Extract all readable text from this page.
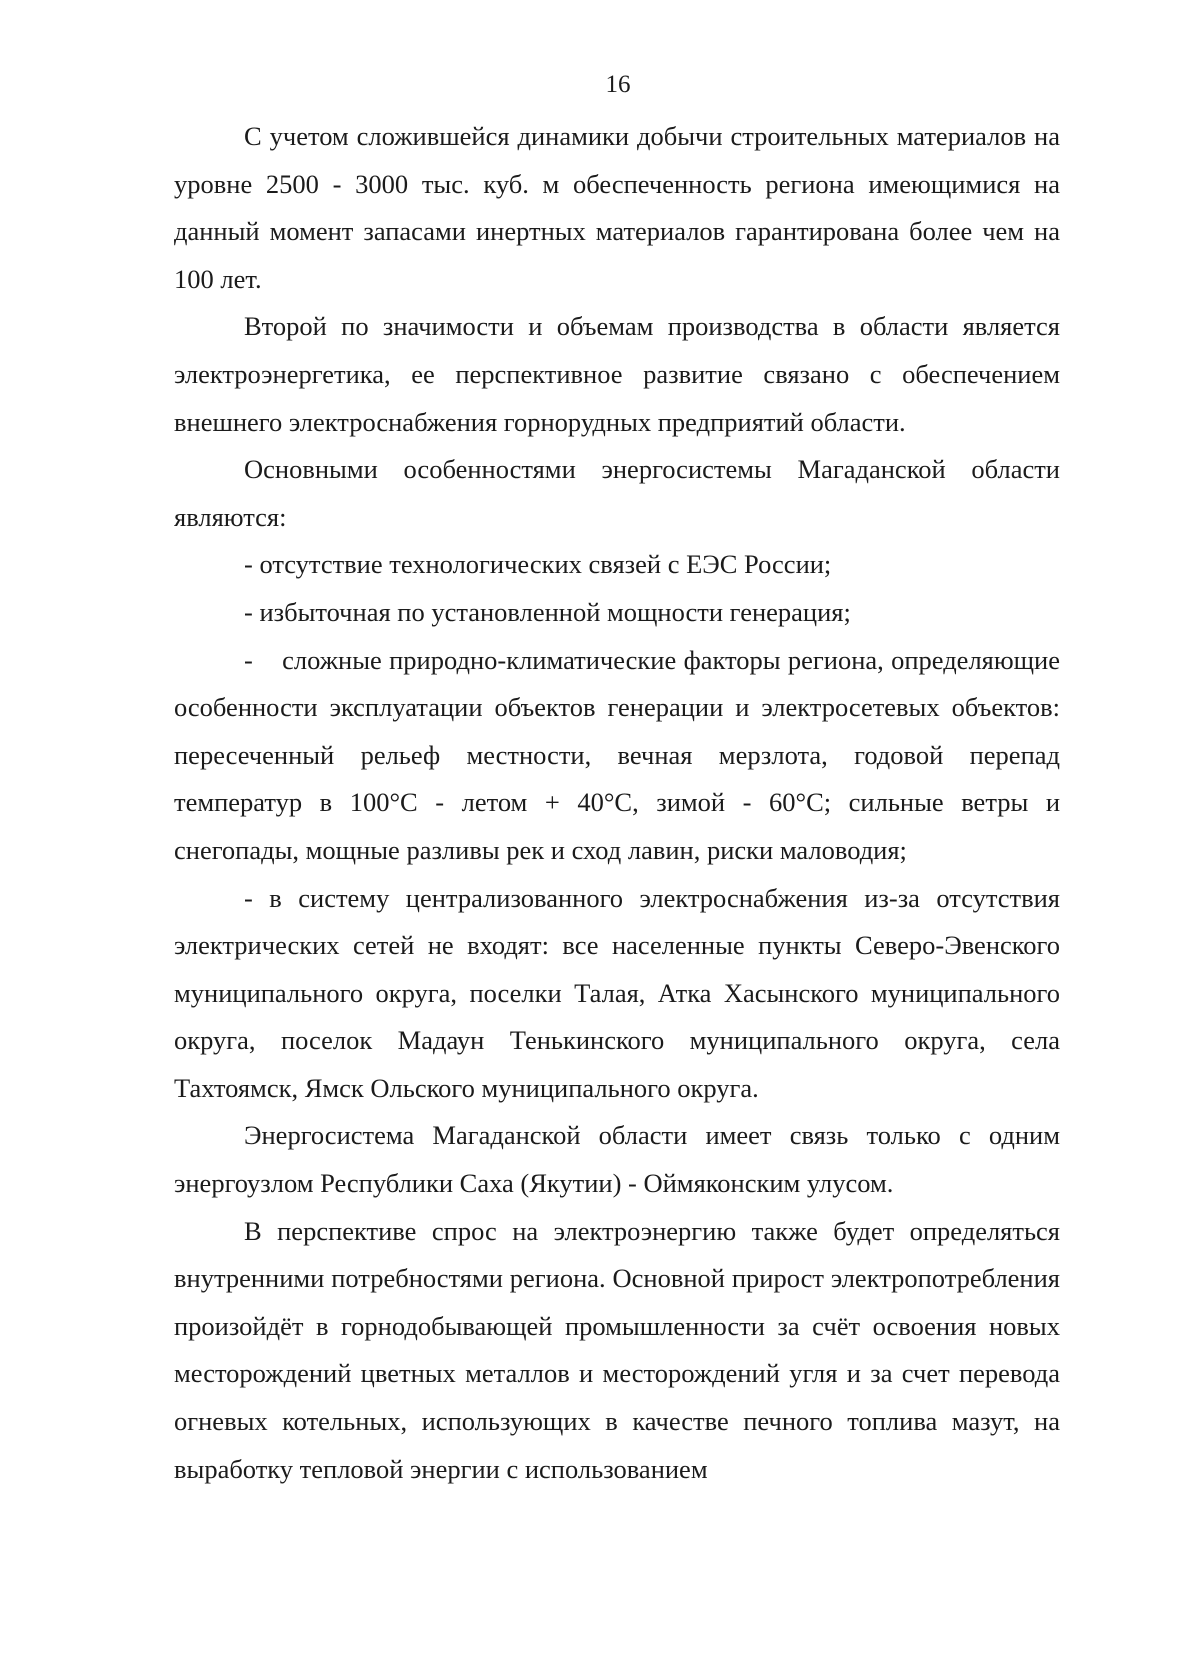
16

С учетом сложившейся динамики добычи строительных материалов на уровне 2500 - 3000 тыс. куб. м обеспеченность региона имеющимися на данный момент запасами инертных материалов гарантирована более чем на 100 лет.

Второй по значимости и объемам производства в области является электроэнергетика, ее перспективное развитие связано с обеспечением внешнего электроснабжения горнорудных предприятий области.

Основными особенностями энергосистемы Магаданской области являются:

- отсутствие технологических связей с ЕЭС России;

- избыточная по установленной мощности генерация;

-    сложные природно-климатические факторы региона, определяющие особенности эксплуатации объектов генерации и электросетевых объектов: пересеченный рельеф местности, вечная мерзлота, годовой перепад температур в 100°С - летом + 40°С, зимой - 60°С; сильные ветры и снегопады, мощные разливы рек и сход лавин, риски маловодия;

- в систему централизованного электроснабжения из-за отсутствия электрических сетей не входят: все населенные пункты Северо-Эвенского муниципального округа, поселки Талая, Атка Хасынского муниципального округа, поселок Мадаун Тенькинского муниципального округа, села Тахтоямск, Ямск Ольского муниципального округа.

Энергосистема Магаданской области имеет связь только с одним энергоузлом Республики Саха (Якутии) - Оймяконским улусом.

В перспективе спрос на электроэнергию также будет определяться внутренними потребностями региона. Основной прирост электропотребления произойдёт в горнодобывающей промышленности за счёт освоения новых месторождений цветных металлов и месторождений угля и за счет перевода огневых котельных, использующих в качестве печного топлива мазут, на выработку тепловой энергии с использованием
